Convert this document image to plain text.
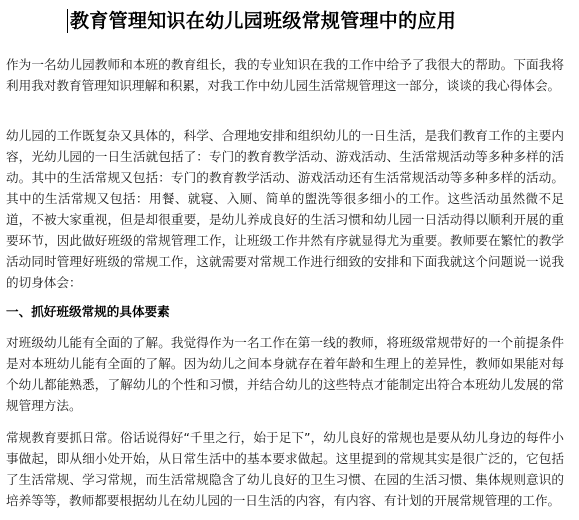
教育管理知识在幼儿园班级常规管理中的应用

作为一名幼儿园教师和本班的教育组长，我的专业知识在我的工作中给予了我很大的帮助。下面我将利用我对教育管理知识理解和积累，对我工作中幼儿园生活常规管理这一部分，谈谈的我心得体会。

幼儿园的工作既复杂又具体的，科学、合理地安排和组织幼儿的一日生活，是我们教育工作的主要内容，光幼儿园的一日生活就包括了：专门的教育教学活动、游戏活动、生活常规活动等多种多样的活动。其中的生活常规又包括：专门的教育教学活动、游戏活动还有生活常规活动等多种多样的活动。其中的生活常规又包括：用餐、就寝、入厕、简单的盥洗等很多细小的工作。这些活动虽然微不足道，不被大家重视，但是却很重要，是幼儿养成良好的生活习惯和幼儿园一日活动得以顺利开展的重要环节，因此做好班级的常规管理工作，让班级工作井然有序就显得尤为重要。教师要在繁忙的教学活动同时管理好班级的常规工作，这就需要对常规工作进行细致的安排和下面我就这个问题说一说我的切身体会：

一、抓好班级常规的具体要素

对班级幼儿能有全面的了解。我觉得作为一名工作在第一线的教师，将班级常规带好的一个前提条件是对本班幼儿能有全面的了解。因为幼儿之间本身就存在着年龄和生理上的差异性，教师如果能对每个幼儿都能熟悉，了解幼儿的个性和习惯，并结合幼儿的这些特点才能制定出符合本班幼儿发展的常规管理方法。

常规教育要抓日常。俗话说得好“千里之行，始于足下”，幼儿良好的常规也是要从幼儿身边的每件小事做起，即从细小处开始，从日常生活中的基本要求做起。这里提到的常规其实是很广泛的，它包括了生活常规、学习常规，而生活常规隐含了幼儿良好的卫生习惯、在园的生活习惯、集体规则意识的培养等等，教师都要根据幼儿在幼儿园的一日生活的内容，有内容、有计划的开展常规管理的工作。
